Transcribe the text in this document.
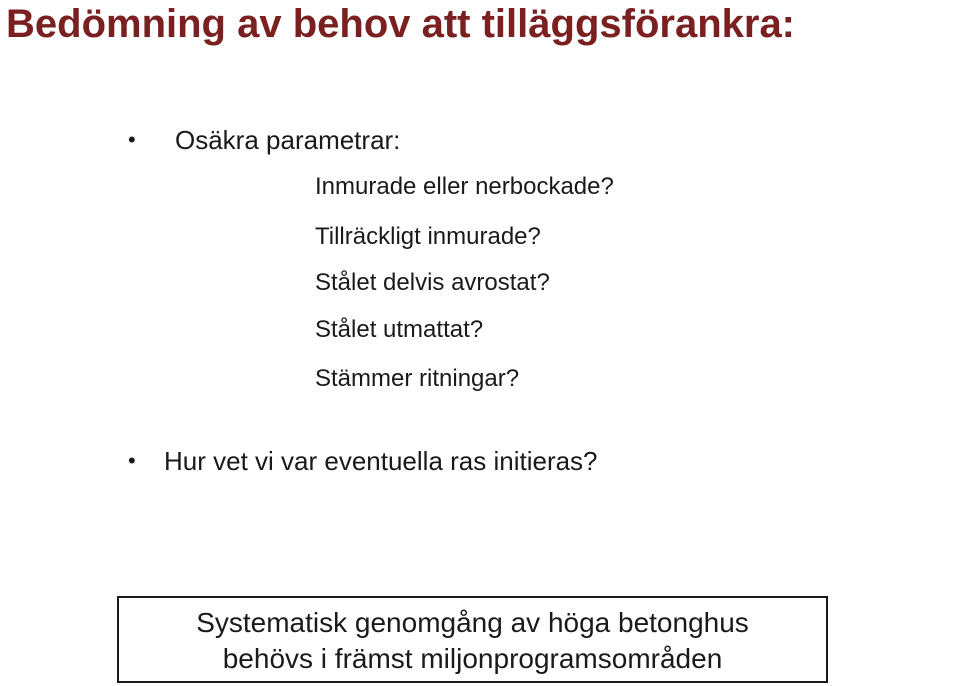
Bedömning av behov att tilläggsförankra:
• Osäkra parametrar:
Inmurade eller nerbockade?
Tillräckligt inmurade?
Stålet delvis avrostat?
Stålet utmattat?
Stämmer ritningar?
• Hur vet vi var eventuella ras initieras?
Systematisk genomgång av höga betonghus
behövs i främst miljonprogramsområden
